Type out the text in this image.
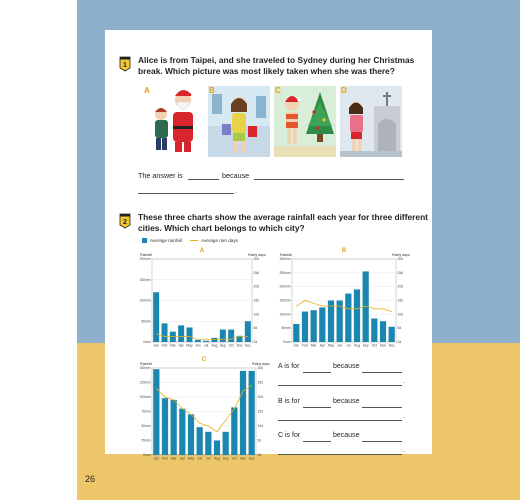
26
1
Alice is from Taipei, and she traveled to Sydney during her Christmas
break. Which picture was most likely taken when she was there?
A	B	C	D
The answer is	because
.
2
These three charts show the average rainfall each year for three different
cities. Which chart belongs to which city?
Average rainfall	Average rain days
A
Rainfall	Rainy days
0mm
50mm
100mm
150mm
200mm
0d
5d
10d
15d
20d
25d
30d
Jan Feb Mar Apr May Jun Jul Aug Sep Oct Nov Dec
B
Rainfall	Rainy days
0mm
50mm
100mm
150mm
200mm
250mm
300mm
0d
5d
10d
15d
20d
25d
30d
Jan Feb Mar Apr May Jun Jul Aug Sep Oct Nov Dec
C
Rainfall	Rainy days
0mm
25mm
50mm
75mm
100mm
125mm
150mm
0d
5d
10d
15d
20d
25d
30d
Jan Feb Mar Apr May Jun Jul Aug Sep Oct Nov Dec
A is for	because
.
B is for	because
.
C is for	because
.
